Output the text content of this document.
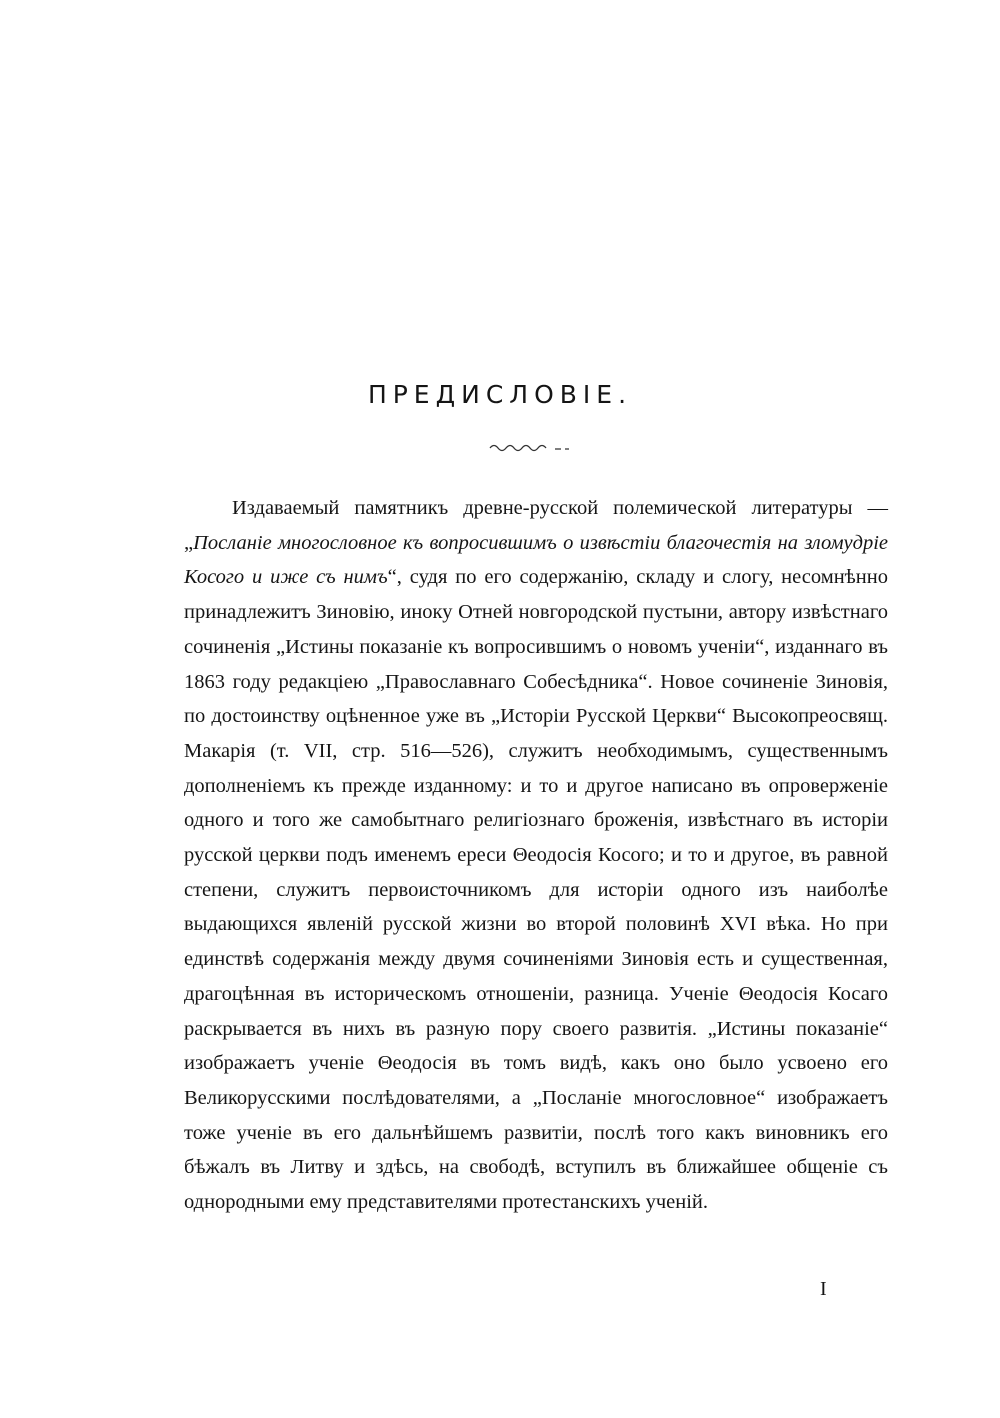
ПРЕДИСЛОВІЕ.

Издаваемый памятникъ древне-русской полемической литературы — „Посланіе многословное къ вопросившимъ о извѣстіи благочестія на зломудріе Косого и иже съ нимъ“, судя по его содержанію, складу и слогу, несомнѣнно принадлежитъ Зиновію, иноку Отней новгородской пустыни, автору извѣстнаго сочиненія „Истины показаніе къ вопросившимъ о новомъ ученіи“, изданнаго въ 1863 году редакціею „Православнаго Собесѣдника“. Новое сочиненіе Зиновія, по достоинству оцѣненное уже въ „Исторіи Русской Церкви“ Высокопреосвящ. Макарія (т. VII, стр. 516—526), служитъ необходимымъ, существеннымъ дополненіемъ къ прежде изданному: и то и другое написано въ опроверженіе одного и того же самобытнаго религіознаго броженія, извѣстнаго въ исторіи русской церкви подъ именемъ ереси Θеодосія Косого; и то и другое, въ равной степени, служитъ первоисточникомъ для исторіи одного изъ наиболѣе выдающихся явленій русской жизни во второй половинѣ XVI вѣка. Но при единствѣ содержанія между двумя сочиненіями Зиновія есть и существенная, драгоцѣнная въ историческомъ отношеніи, разница. Ученіе Θеодосія Косаго раскрывается въ нихъ въ разную пору своего развитія. „Истины показаніе“ изображаетъ ученіе Θеодосія въ томъ видѣ, какъ оно было усвоено его Великорусскими послѣдователями, а „Посланіе многословное“ изображаетъ тоже ученіе въ его дальнѣйшемъ развитіи, послѣ того какъ виновникъ его бѣжалъ въ Литву и здѣсь, на свободѣ, вступилъ въ ближайшее общеніе съ однородными ему представителями протестанскихъ ученій.

I
